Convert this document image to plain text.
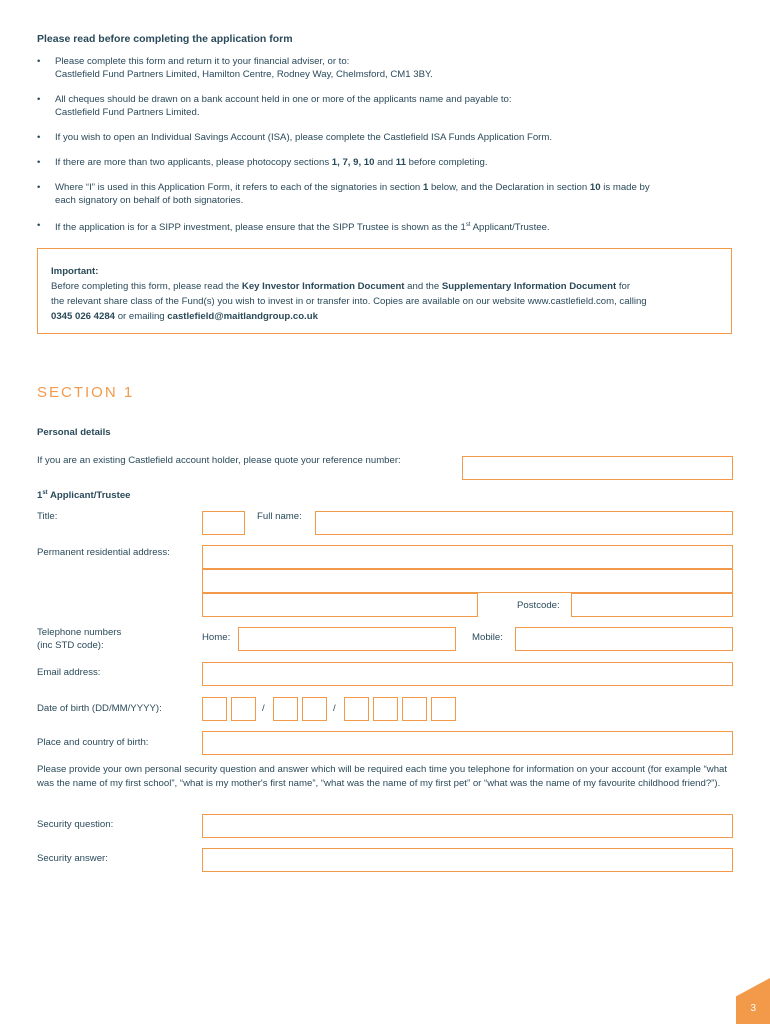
Please read before completing the application form
• Please complete this form and return it to your financial adviser, or to:
Castlefield Fund Partners Limited, Hamilton Centre, Rodney Way, Chelmsford, CM1 3BY.
• All cheques should be drawn on a bank account held in one or more of the applicants name and payable to:
Castlefield Fund Partners Limited.
• If you wish to open an Individual Savings Account (ISA), please complete the Castlefield ISA Funds Application Form.
• If there are more than two applicants, please photocopy sections 1, 7, 9, 10 and 11 before completing.
• Where “I” is used in this Application Form, it refers to each of the signatories in section 1 below, and the Declaration in section 10 is made by
each signatory on behalf of both signatories.
• If the application is for a SIPP investment, please ensure that the SIPP Trustee is shown as the 1st Applicant/Trustee.
Important:
Before completing this form, please read the Key Investor Information Document and the Supplementary Information Document for
the relevant share class of the Fund(s) you wish to invest in or transfer into. Copies are available on our website www.castlefield.com, calling
0345 026 4284 or emailing castlefield@maitlandgroup.co.uk
SECTION 1
Personal details
If you are an existing Castlefield account holder, please quote your reference number:
1st Applicant/Trustee
Title:	Full name:
Permanent residential address:
Postcode:
Telephone numbers
(inc STD code):
Home:	Mobile:
Email address:
Date of birth (DD/MM/YYYY):	/	/
Place and country of birth:
Please provide your own personal security question and answer which will be required each time you telephone for information on your account (for example “what was the name of my first school”, “what is my mother's first name”, “what was the name of my first pet” or “what was the name of my favourite childhood friend?”).
Security question:
Security answer:
3
